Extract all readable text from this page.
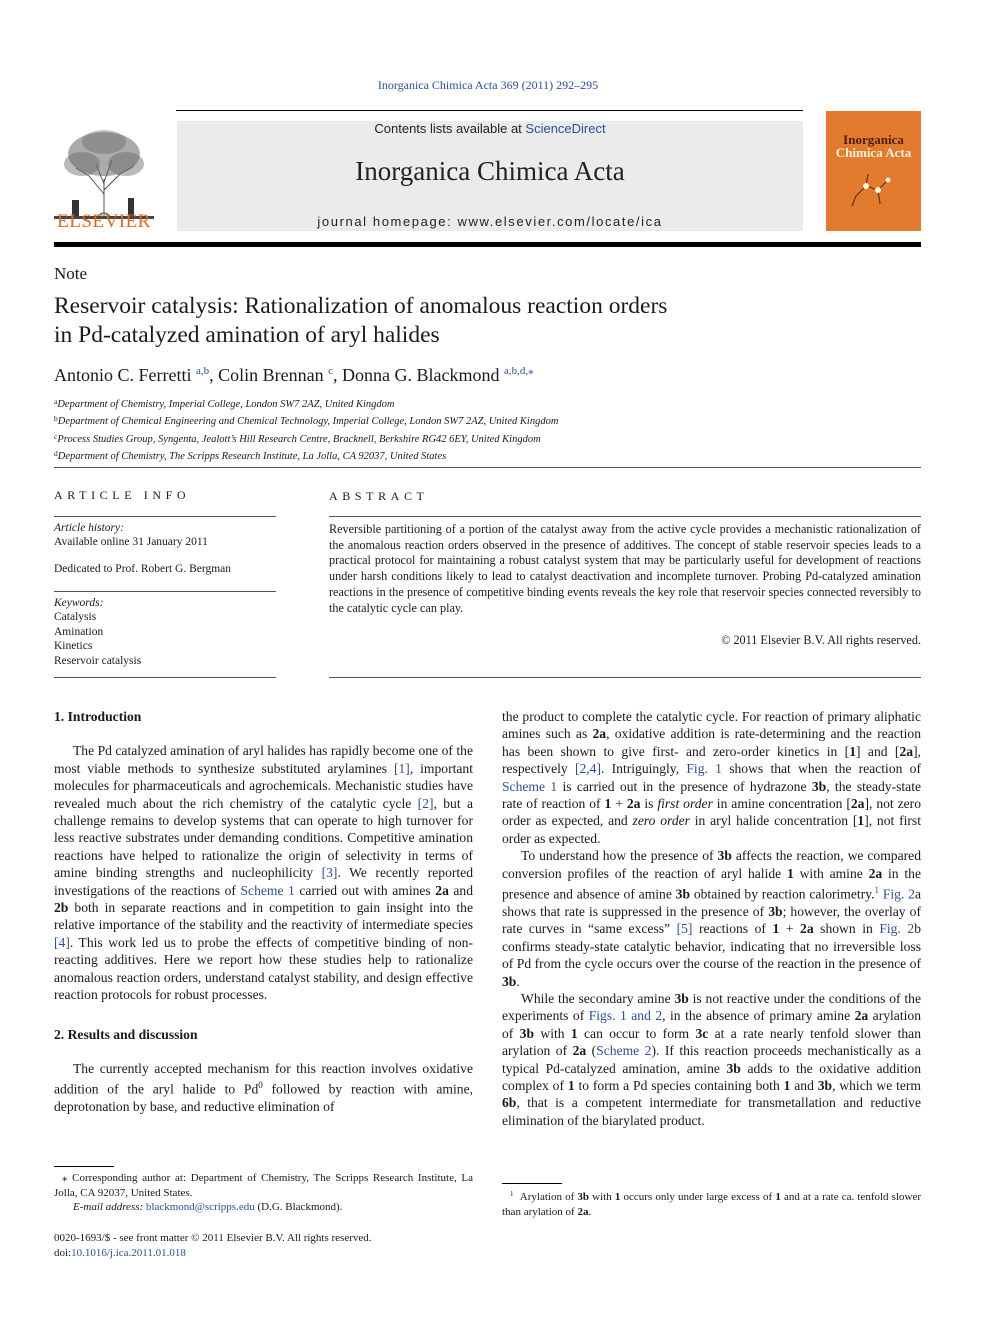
Inorganica Chimica Acta 369 (2011) 292–295
Contents lists available at ScienceDirect
Inorganica Chimica Acta
journal homepage: www.elsevier.com/locate/ica
ELSEVIER
Inorganica
Chimica Acta
Note
Reservoir catalysis: Rationalization of anomalous reaction orders
in Pd-catalyzed amination of aryl halides
Antonio C. Ferretti $^{a,b}$, Colin Brennan $^c$, Donna G. Blackmond $^{a,b,d,⁎}$
$^a$Department of Chemistry, Imperial College, London SW7 2AZ, United Kingdom
$^b$Department of Chemical Engineering and Chemical Technology, Imperial College, London SW7 2AZ, United Kingdom
$^c$Process Studies Group, Syngenta, Jealott’s Hill Research Centre, Bracknell, Berkshire RG42 6EY, United Kingdom
$^d$Department of Chemistry, The Scripps Research Institute, La Jolla, CA 92037, United States
ARTICLE INFO	ABSTRACT
Article history:
Available online 31 January 2011
Dedicated to Prof. Robert G. Bergman
Keywords:
Catalysis
Amination
Kinetics
Reservoir catalysis
Reversible partitioning of a portion of the catalyst away from the active cycle provides a mechanistic rationalization of the anomalous reaction orders observed in the presence of additives. The concept of stable reservoir species leads to a practical protocol for maintaining a robust catalyst system that may be particularly useful for development of reactions under harsh conditions likely to lead to catalyst deactivation and incomplete turnover. Probing Pd-catalyzed amination reactions in the presence of competitive binding events reveals the key role that reservoir species connected reversibly to the catalytic cycle can play.
© 2011 Elsevier B.V. All rights reserved.

1. Introduction

The Pd catalyzed amination of aryl halides has rapidly become one of the most viable methods to synthesize substituted arylamines [1], important molecules for pharmaceuticals and agrochemicals. Mechanistic studies have revealed much about the rich chemistry of the catalytic cycle [2], but a challenge remains to develop systems that can operate to high turnover for less reactive substrates under demanding conditions. Competitive amination reactions have helped to rationalize the origin of selectivity in terms of amine binding strengths and nucleophilicity [3]. We recently reported investigations of the reactions of Scheme 1 carried out with amines 2a and 2b both in separate reactions and in competition to gain insight into the relative importance of the stability and the reactivity of intermediate species [4]. This work led us to probe the effects of competitive binding of non-reacting additives. Here we report how these studies help to rationalize anomalous reaction orders, understand catalyst stability, and design effective reaction protocols for robust processes.

2. Results and discussion

The currently accepted mechanism for this reaction involves oxidative addition of the aryl halide to Pd$^0$ followed by reaction with amine, deprotonation by base, and reductive elimination of

the product to complete the catalytic cycle. For reaction of primary aliphatic amines such as 2a, oxidative addition is rate-determining and the reaction has been shown to give first- and zero-order kinetics in [1] and [2a], respectively [2,4]. Intriguingly, Fig. 1 shows that when the reaction of Scheme 1 is carried out in the presence of hydrazone 3b, the steady-state rate of reaction of 1 + 2a is first order in amine concentration [2a], not zero order as expected, and zero order in aryl halide concentration [1], not first order as expected.

To understand how the presence of 3b affects the reaction, we compared conversion profiles of the reaction of aryl halide 1 with amine 2a in the presence and absence of amine 3b obtained by reaction calorimetry.$^1$ Fig. 2a shows that rate is suppressed in the presence of 3b; however, the overlay of rate curves in “same excess” [5] reactions of 1 + 2a shown in Fig. 2b confirms steady-state catalytic behavior, indicating that no irreversible loss of Pd from the cycle occurs over the course of the reaction in the presence of 3b.

While the secondary amine 3b is not reactive under the conditions of the experiments of Figs. 1 and 2, in the absence of primary amine 2a arylation of 3b with 1 can occur to form 3c at a rate nearly tenfold slower than arylation of 2a (Scheme 2). If this reaction proceeds mechanistically as a typical Pd-catalyzed amination, amine 3b adds to the oxidative addition complex of 1 to form a Pd species containing both 1 and 3b, which we term 6b, that is a competent intermediate for transmetallation and reductive elimination of the biarylated product.

⁎ Corresponding author at: Department of Chemistry, The Scripps Research Institute, La Jolla, CA 92037, United States.
E-mail address: blackmond@scripps.edu (D.G. Blackmond).
0020-1693/$ - see front matter © 2011 Elsevier B.V. All rights reserved.
doi:10.1016/j.ica.2011.01.018
$^1$  Arylation of 3b with 1 occurs only under large excess of 1 and at a rate ca. tenfold slower than arylation of 2a.
